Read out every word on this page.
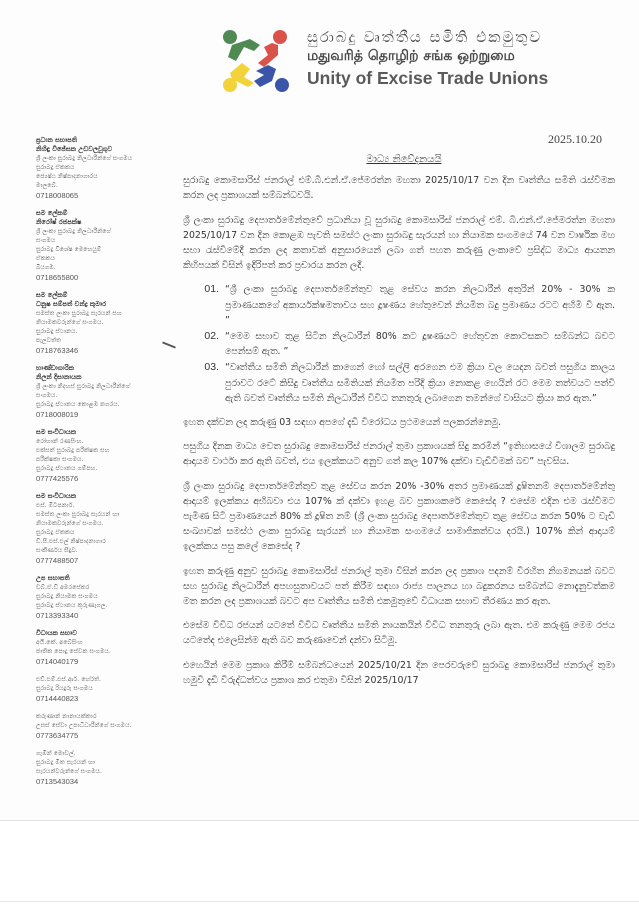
සුරාබදු වෘත්තීය සමිති එකමුතුව
மதுவரித் தொழிற் சங்க ஒற்றுமை
Unity of Excise Trade Unions
ප්‍රධාන සභාපති
නිහිඳු විජේසක උඩවලවුගුව
ශ්‍රී ලංකා සුරාබදු නිලධාරීන්ගේ සංගමය
සුරාබදු ඒකකය
ජ්‍යෙෂ්ඨ නිෂ්පාදනාගාරය
මාලබේ.
0718008065
සම ලේකම්
නිරෝෂ් රජපක්ෂ
ශ්‍රී ලංකා සුරාබදු නිලධාරීන්ගේ
සංගමය
සුරාබදු විශේෂ මෙහෙයුම්
ඒකකය
බියගම.
0718655800
සම ලේකම්
ධනුෂ සම්පත් චන්ද්‍ර කුමාර
සමස්ත ලංකා සුරාබදු සැරයන් සහ
නියාමකවරුන්ගේ සංගමය.
සුරාබදු ස්ථානය.
පැලවත්ත
0718763346
භාණ්ඩාගාරික
නිලන් දිසානායක
ශ්‍රී ලංකා නිදහස් සුරාබදු නිලධාරීන්ගේ
සංගමය.
සුරාබදු ස්ථානය කොළඹ නගරය.
0718008019
සම සංවිධායක
රෝහාන් රණසිංහ.
එක්සත් සුරාබදු පරීක්ෂක සහ
පරීක්ෂකා සංගමය.
සුරාබදු ස්ථානය ගම්පහ.
0777425576
සම සංවිධායක
එස්. මිටපනාර්.
සමස්ත ලංකා සුරාබදු සැරයන් හා
නියාමකවරුන්ගේ සංගමය.
සුරාබදු ඒකකය
ඩී.සී.එස්.එල් නිෂ්පාදනාගාර
සංකීර්ණය සීදුව.
0777488507
උප සභාපති
ඩබ්.ඒ.ඩී අමරසේකර
සුරාබදු නියාමක සංගමය
සුරාබදු ස්ථානය කුරුණෑගල.
0713393340
විධායක සභාව
අයි.කේ. අබේසිංහ
ජාතික පොදු සේවක සංගමය.
0714040179
එච්.එම්.එස්.ආර්. හේරත්.
සුරාබදු රියදුරු සංගමය
0714440823
කරුණාන් නානායක්කාර
උසස් සේවා උපාධිධාරීන්ගේ සංගමය.
0773634775
ගැඹින් මොඩල්.
සුරාබදු මිත සැරයන් හා
සැරයන්වරුන්ගේ සංගමය.
0713543034
2025.10.20
මාධ්‍ය නිවේදනයයි

සුරාබදු කොමසාරිස් ජනරාල් එම්.බී.එන්.ඒ.ජේමරත්න මහතා 2025/10/17 වන දින වෘත්තීය සමිති රැස්වීමක කරන ලද ප්‍රකාශයක් සම්බන්ධවයි.

ශ්‍රී ලංකා සුරාබදු දෙපාර්තමේන්තුවේ ප්‍රධානියා වූ සුරාබදු කොමසාරිස් ජනරාල් එම්. බී.එන්.ඒ.ජේමරත්න මහතා 2025/10/17 වන දින කොළඹ පැවති සමස්ථ ලංකා සුරාබදු සැරයන් හා නියාමක සංගමයේ 74 වන වාර්ෂික මහ සභා රැස්වීමේදී කරන ලද කතාවක් අනුසාරයෙන් ලබා ගත් පහත කරුණු ලංකාවේ ප්‍රසිද්ධ මාධ්‍ය ආයතන කිහිපයක් විසින් ඉදිරිපත් කර ප්‍රචාරය කරන ලදී.

01. “ශ්‍රී ලංකා සුරාබදු දෙපාර්තමේන්තුව තුළ සේවය කරන නිලධාරීන් අතුරින් 20% - 30% ක ප්‍රමාණයකගේ අකාර්යක්ෂමතාවය සහ දූෂණය හේතුවෙන් නියමිත බදු ප්‍රමාණය රටට අහිමි වී ඇත. ”
02. “මෙම සභාව තුළ සිටින නිලධාරීන් 80% කට දූෂණයට හේතුවන කොටසකට සම්බන්ධ බවට පෙන්සම් ඇත. ”
03. “වෘත්තීය සමිති නිලධාරීන් කාගෙන් හෝ සල්ලි අරගෙන එම ක්‍රියා වල යෙදන බවත් පසුගිය කාලය පුරාවට රටේ කිසිදු වෘත්තීය සමිතියක් නියමිත පරිදි ක්‍රියා නොකළ හෙයින් රට මෙම තත්වයට පත්වී ඇති බවත් වෘත්තීය සමිති නිලධාරීන් විවිධ තනතුරු ලබාගෙන තමන්ගේ වාසියට ක්‍රියා කර ඇත.”

ඉහත දක්වන ලද කරුණු 03 සඳහා අපගේ දැඩි විරෝධය ප්‍රථමයෙන් පලකරන්නෙමු.

පසුගිය දිනක මාධ්‍ය වෙත සුරාබදු කොමසාරිස් ජනරාල් තුමා ප්‍රකාශයක් සිදු කරමින් “ඉතිහාසයේ විශාලම සුරාබදු ආදායම වාර්ථා කර ඇති බවත්, එය ඉලක්කයට අනුව ගත් කල 107% දක්වා වැඩිවීමක් බව” පැවසිය.

ශ්‍රී ලංකා සුරාබදු දෙපාර්තමේන්තුව තුළ සේවය කරන 20% -30% අතර ප්‍රමාණයක් දූෂිතනම් දෙපාර්තමේන්තු ආදායම් ඉලක්කය අභිබවා එය 107% ක් දක්වා ඉහළ බව ප්‍රකාශකරේ කෙසේද ? එසේම එදින එම රැස්වීමට පැමිණ සිටි ප්‍රමාණයෙන් 80% ක් දූෂිත නම් (ශ්‍රී ලංකා සුරාබදු දෙපාර්තමේන්තුව තුළ සේවය කරන 50% ට වැඩි සංඛ්‍යාවක් සමස්ථ ලංකා සුරාබදු සැරයන් හා නියාමක සංගමයේ සාමාජිකත්වය දරයි.) 107% කින් ආදායම් ඉලක්කය පසු කලේ කෙසේද ?

ඉහත කරුණු අනුව සුරාබදු කොමසාරිස් ජනරාල් තුමා විසින් කරන ලද ප්‍රකාශ පදනම් විරහිත නිගමනයක් බවට සහ සුරාබදු නිලධාරීන් අපහසුතාවයට පත් කිරීම සඳහා රාජ්‍ය පාලනය හා බදුකරනය සම්බන්ධ නොදැනුවත්කම මත කරන ලද ප්‍රකාශයක් බවට අප වෘත්තීය සමිති එකමුතුවේ විධායක සභාව තීරණය කර ඇත.

එසේම විවිධ රජයන් යටතේ විවිධ වෘත්තීය සමිති නායකයින් විවිධ තනතුරු ලබා ඇත. එම කරුණු මෙම රජය යටතේද එලෙසින්ම ඇති බව කරුණාවෙන් දන්වා සිටිමු.

එහෙයින් මෙම ප්‍රකාශ කිරීම් සම්බන්ධයෙන් 2025/10/21 දින පෙරවරුවේ සුරාබදු කොමසාරිස් ජනරාල් තුමා හමුවී දැඩි විරුද්ධත්වය ප්‍රකාශ කර එතුමා විසින් 2025/10/17
